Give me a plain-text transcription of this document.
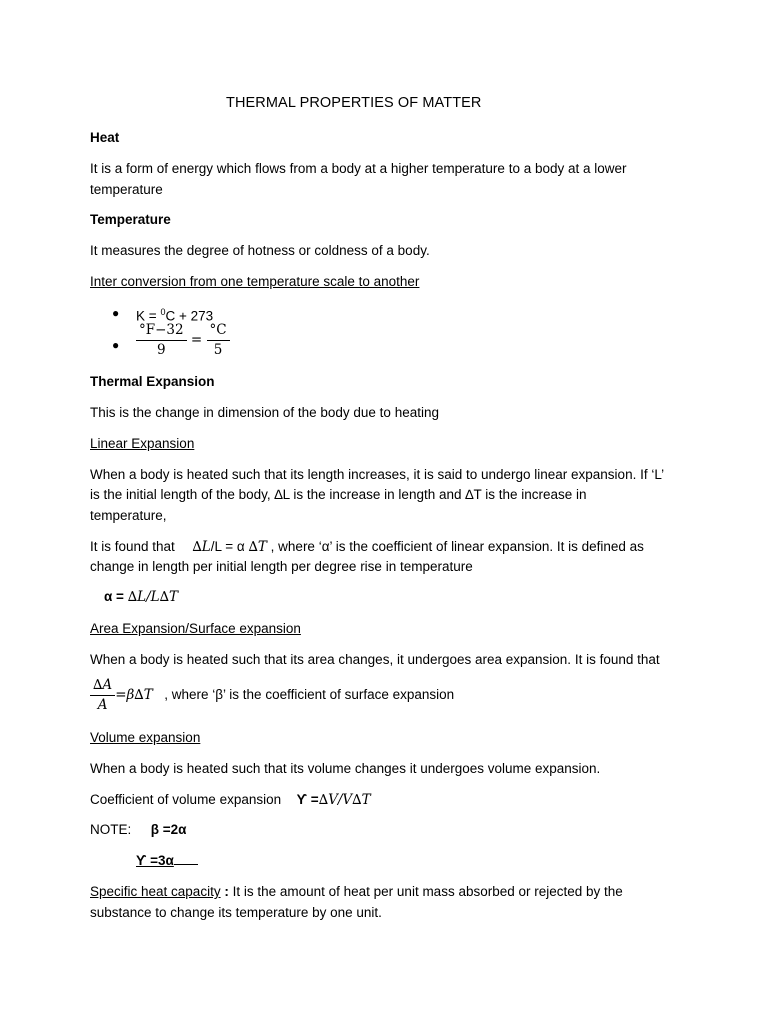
THERMAL PROPERTIES OF MATTER
Heat
It is a form of energy which flows from a body at a higher temperature to a body at a lower
temperature
Temperature
It measures the degree of hotness or coldness of a body.
Inter conversion from one temperature scale to another
● K = $^0$C + 273
● $\frac{^\circ F-32}{9} = \frac{^\circ C}{5}$
Thermal Expansion
This is the change in dimension of the body due to heating
Linear Expansion
When a body is heated such that its length increases, it is said to undergo linear expansion. If ‘L’
is the initial length of the body, ∆L is the increase in length and ∆T is the increase in
temperature,
It is found that ∆L/L = α ∆T , where ‘α’ is the coefficient of linear expansion. It is defined as
change in length per initial length per degree rise in temperature
α = ∆L/L∆T
Area Expansion/Surface expansion
When a body is heated such that its area changes, it undergoes area expansion. It is found that
$\frac{\Delta A}{A} =\beta\Delta T$ , where ‘β’ is the coefficient of surface expansion
Volume expansion
When a body is heated such that its volume changes it undergoes volume expansion.
Coefficient of volume expansion ϒ =∆V/V∆T
NOTE: β =2α
ϒ =3α
Specific heat capacity : It is the amount of heat per unit mass absorbed or rejected by the
substance to change its temperature by one unit.
